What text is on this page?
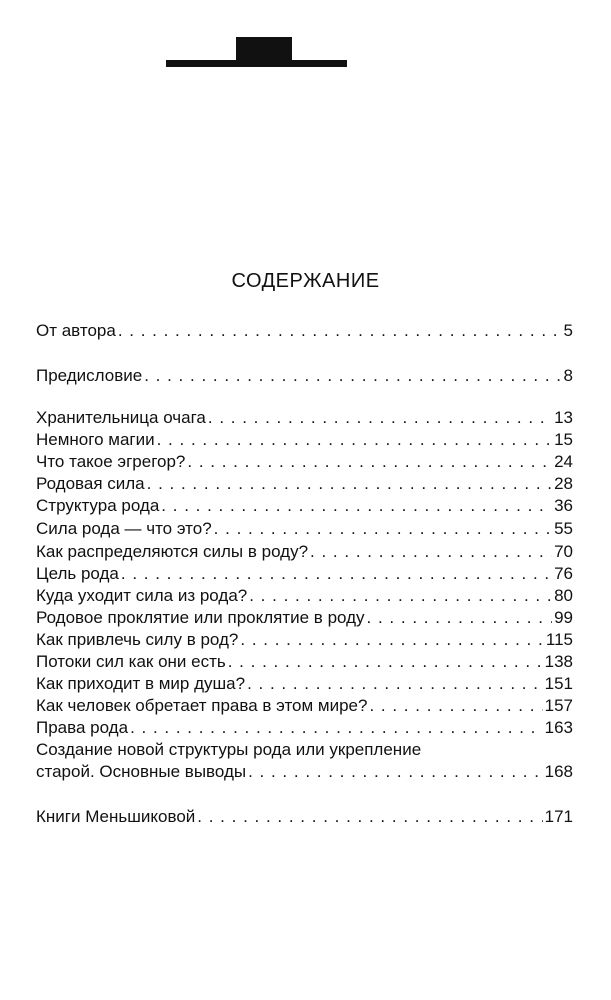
СОДЕРЖАНИЕ
От автора . . .	5
Предисловие . . .	8
Хранительница очага . . .	13
Немного магии . . .	15
Что такое эгрегор? . . .	24
Родовая сила . . .	28
Структура рода . . .	36
Сила рода — что это? . . .	55
Как распределяются силы в роду? . . .	70
Цель рода . . .	76
Куда уходит сила из рода? . . .	80
Родовое проклятие или проклятие в роду . . .	99
Как привлечь силу в род? . . .	115
Потоки сил как они есть . . .	138
Как приходит в мир душа? . . .	151
Как человек обретает права в этом мире? . . .	157
Права рода . . .	163
Создание новой структуры рода или укрепление
старой. Основные выводы . . .	168
Книги Меньшиковой . . .	171
